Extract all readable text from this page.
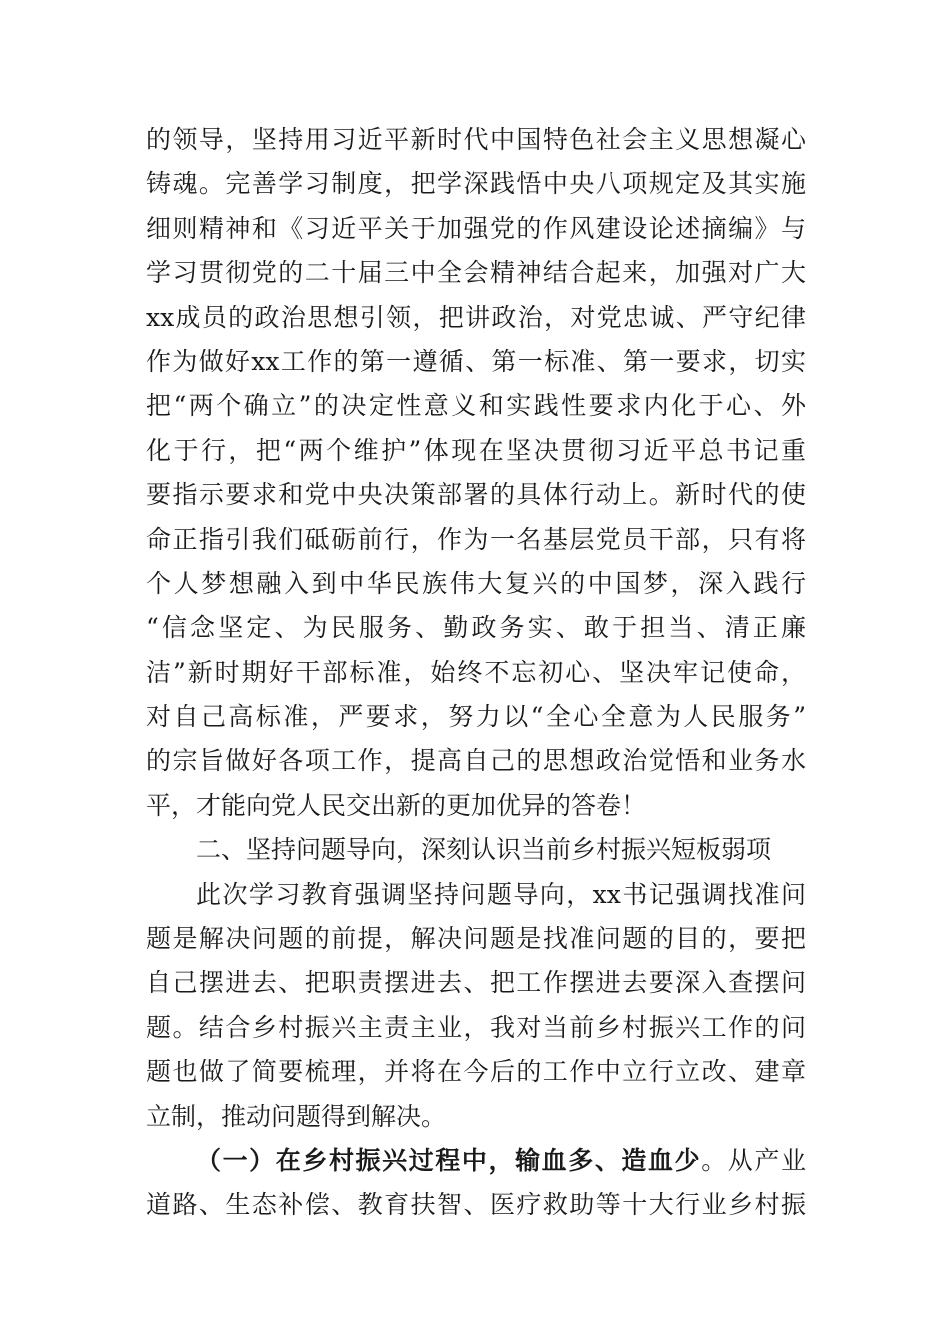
的领导，坚持用习近平新时代中国特色社会主义思想凝心
铸魂。完善学习制度，把学深践悟中央八项规定及其实施
细则精神和《习近平关于加强党的作风建设论述摘编》与
学习贯彻党的二十届三中全会精神结合起来，加强对广大
xx成员的政治思想引领，把讲政治，对党忠诚、严守纪律
作为做好xx工作的第一遵循、第一标准、第一要求，切实
把“两个确立”的决定性意义和实践性要求内化于心、外
化于行，把“两个维护”体现在坚决贯彻习近平总书记重
要指示要求和党中央决策部署的具体行动上。新时代的使
命正指引我们砥砺前行，作为一名基层党员干部，只有将
个人梦想融入到中华民族伟大复兴的中国梦，深入践行
“信念坚定、为民服务、勤政务实、敢于担当、清正廉
洁”新时期好干部标准，始终不忘初心、坚决牢记使命，
对自己高标准，严要求，努力以“全心全意为人民服务”
的宗旨做好各项工作，提高自己的思想政治觉悟和业务水
平，才能向党人民交出新的更加优异的答卷！
二、坚持问题导向，深刻认识当前乡村振兴短板弱项
此次学习教育强调坚持问题导向，xx书记强调找准问
题是解决问题的前提，解决问题是找准问题的目的，要把
自己摆进去、把职责摆进去、把工作摆进去要深入查摆问
题。结合乡村振兴主责主业，我对当前乡村振兴工作的问
题也做了简要梳理，并将在今后的工作中立行立改、建章
立制，推动问题得到解决。
（一）在乡村振兴过程中，输血多、造血少。从产业
道路、生态补偿、教育扶智、医疗救助等十大行业乡村振
